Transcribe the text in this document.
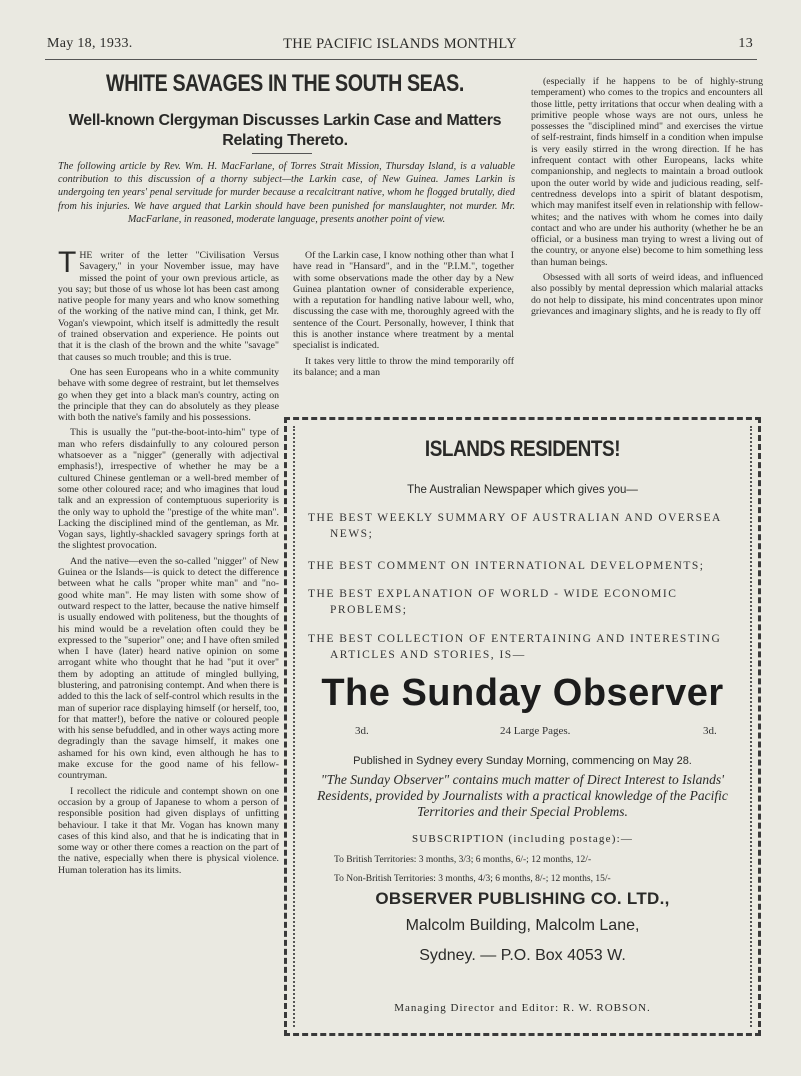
May 18, 1933.	THE PACIFIC ISLANDS MONTHLY	13
WHITE SAVAGES IN THE SOUTH SEAS.
Well-known Clergyman Discusses Larkin Case and Matters Relating Thereto.
The following article by Rev. Wm. H. MacFarlane, of Torres Strait Mission, Thursday Island, is a valuable contribution to this discussion of a thorny subject—the Larkin case, of New Guinea. James Larkin is undergoing ten years' penal servitude for murder because a recalcitrant native, whom he flogged brutally, died from his injuries. We have argued that Larkin should have been punished for manslaughter, not murder. Mr. MacFarlane, in reasoned, moderate language, presents another point of view.

THE writer of the letter "Civilisation Versus Savagery," in your November issue, may have missed the point of your own previous article, as you say; but those of us whose lot has been cast among native people for many years and who know something of the working of the native mind can, I think, get Mr. Vogan's viewpoint, which itself is admittedly the result of trained observation and experience. He points out that it is the clash of the brown and the white "savage" that causes so much trouble; and this is true.

One has seen Europeans who in a white community behave with some degree of restraint, but let themselves go when they get into a black man's country, acting on the principle that they can do absolutely as they please with both the native's family and his possessions.

This is usually the "put-the-boot-into-him" type of man who refers disdainfully to any coloured person whatsoever as a "nigger" (generally with adjectival emphasis!), irrespective of whether he may be a cultured Chinese gentleman or a well-bred member of some other coloured race; and who imagines that loud talk and an expression of contemptuous superiority is the only way to uphold the "prestige of the white man". Lacking the disciplined mind of the gentleman, as Mr. Vogan says, lightly-shackled savagery springs forth at the slightest provocation.

And the native—even the so-called "nigger" of New Guinea or the Islands—is quick to detect the difference between what he calls "proper white man" and "no-good white man". He may listen with some show of outward respect to the latter, because the native himself is usually endowed with politeness, but the thoughts of his mind would be a revelation often could they be expressed to the "superior" one; and I have often smiled when I have (later) heard native opinion on some arrogant white who thought that he had "put it over" them by adopting an attitude of mingled bullying, blustering, and patronising contempt. And when there is added to this the lack of self-control which results in the man of superior race displaying himself (or herself, too, for that matter!), before the native or coloured people with his sense befuddled, and in other ways acting more degradingly than the savage himself, it makes one ashamed for his own kind, even although he has to make excuse for the good name of his fellow-countryman.

I recollect the ridicule and contempt shown on one occasion by a group of Japanese to whom a person of responsible position had given displays of unfitting behaviour. I take it that Mr. Vogan has known many cases of this kind also, and that he is indicating that in some way or other there comes a reaction on the part of the native, especially when there is physical violence. Human toleration has its limits.

Of the Larkin case, I know nothing other than what I have read in "Hansard", and in the "P.I.M.", together with some observations made the other day by a New Guinea plantation owner of considerable experience, with a reputation for handling native labour well, who, discussing the case with me, thoroughly agreed with the sentence of the Court. Personally, however, I think that this is another instance where treatment by a mental specialist is indicated.

It takes very little to throw the mind temporarily off its balance; and a man

(especially if he happens to be of highly-strung temperament) who comes to the tropics and encounters all those little, petty irritations that occur when dealing with a primitive people whose ways are not ours, unless he possesses the "disciplined mind" and exercises the virtue of self-restraint, finds himself in a condition when impulse is very easily stirred in the wrong direction. If he has infrequent contact with other Europeans, lacks white companionship, and neglects to maintain a broad outlook upon the outer world by wide and judicious reading, self-centredness develops into a spirit of blatant despotism, which may manifest itself even in relationship with fellow-whites; and the natives with whom he comes into daily contact and who are under his authority (whether he be an official, or a business man trying to wrest a living out of the country, or anyone else) become to him something less than human beings.

Obsessed with all sorts of weird ideas, and influenced also possibly by mental depression which malarial attacks do not help to dissipate, his mind concentrates upon minor grievances and imaginary slights, and he is ready to fly off

ISLANDS RESIDENTS!
The Australian Newspaper which gives you—
THE BEST WEEKLY SUMMARY OF AUSTRALIAN AND OVERSEA
NEWS;
THE BEST COMMENT ON INTERNATIONAL DEVELOPMENTS;
THE BEST EXPLANATION OF WORLD - WIDE ECONOMIC
PROBLEMS;
THE BEST COLLECTION OF ENTERTAINING AND INTERESTING
ARTICLES AND STORIES, IS—
The Sunday Observer
3d.	24 Large Pages.	3d.
Published in Sydney every Sunday Morning, commencing on May 28.
"The Sunday Observer" contains much matter of Direct Interest to Islands' Residents, provided by Journalists with a practical knowledge of the Pacific Territories and their Special Problems.
SUBSCRIPTION (including postage):—
To British Territories: 3 months, 3/3; 6 months, 6/-; 12 months, 12/-
To Non-British Territories: 3 months, 4/3; 6 months, 8/-; 12 months, 15/-
OBSERVER PUBLISHING CO. LTD.,
Malcolm Building, Malcolm Lane,
Sydney. — P.O. Box 4053 W.
Managing Director and Editor: R. W. ROBSON.
